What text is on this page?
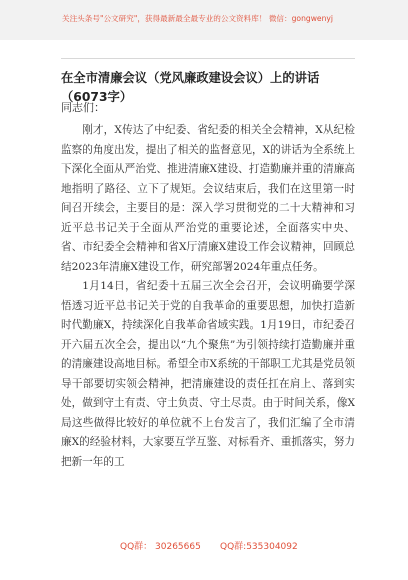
关注头条号"公文研究"，获得最新最全最专业的公文资料库！ 微信：gongwenyj
在全市清廉会议（党风廉政建设会议）上的讲话（6073字）
同志们：

刚才，X传达了中纪委、省纪委的相关全会精神，X从纪检监察的角度出发，提出了相关的监督意见，X的讲话为全系统上下深化全面从严治党、推进清廉X建设、打造勤廉并重的清廉高地指明了路径、立下了规矩。会议结束后，我们在这里第一时间召开续会，主要目的是：深入学习贯彻党的二十大精神和习近平总书记关于全面从严治党的重要论述，全面落实中央、省、市纪委全会精神和省X厅清廉X建设工作会议精神，回顾总结2023年清廉X建设工作，研究部署2024年重点任务。

1月14日，省纪委十五届三次全会召开，会议明确要学深悟透习近平总书记关于党的自我革命的重要思想，加快打造新时代勤廉X，持续深化自我革命省域实践。1月19日，市纪委召开六届五次全会，提出以“九个聚焦”为引领持续打造勤廉并重的清廉建设高地目标。希望全市X系统的干部职工尤其是党员领导干部要切实领会精神，把清廉建设的责任扛在肩上、落到实处，做到守土有责、守土负责、守土尽责。由于时间关系，像X局这些做得比较好的单位就不上台发言了，我们汇编了全市清廉X的经验材料，大家要互学互鉴、对标看齐、重抓落实，努力把新一年的工

QQ群： 30265665 QQ群:535304092
